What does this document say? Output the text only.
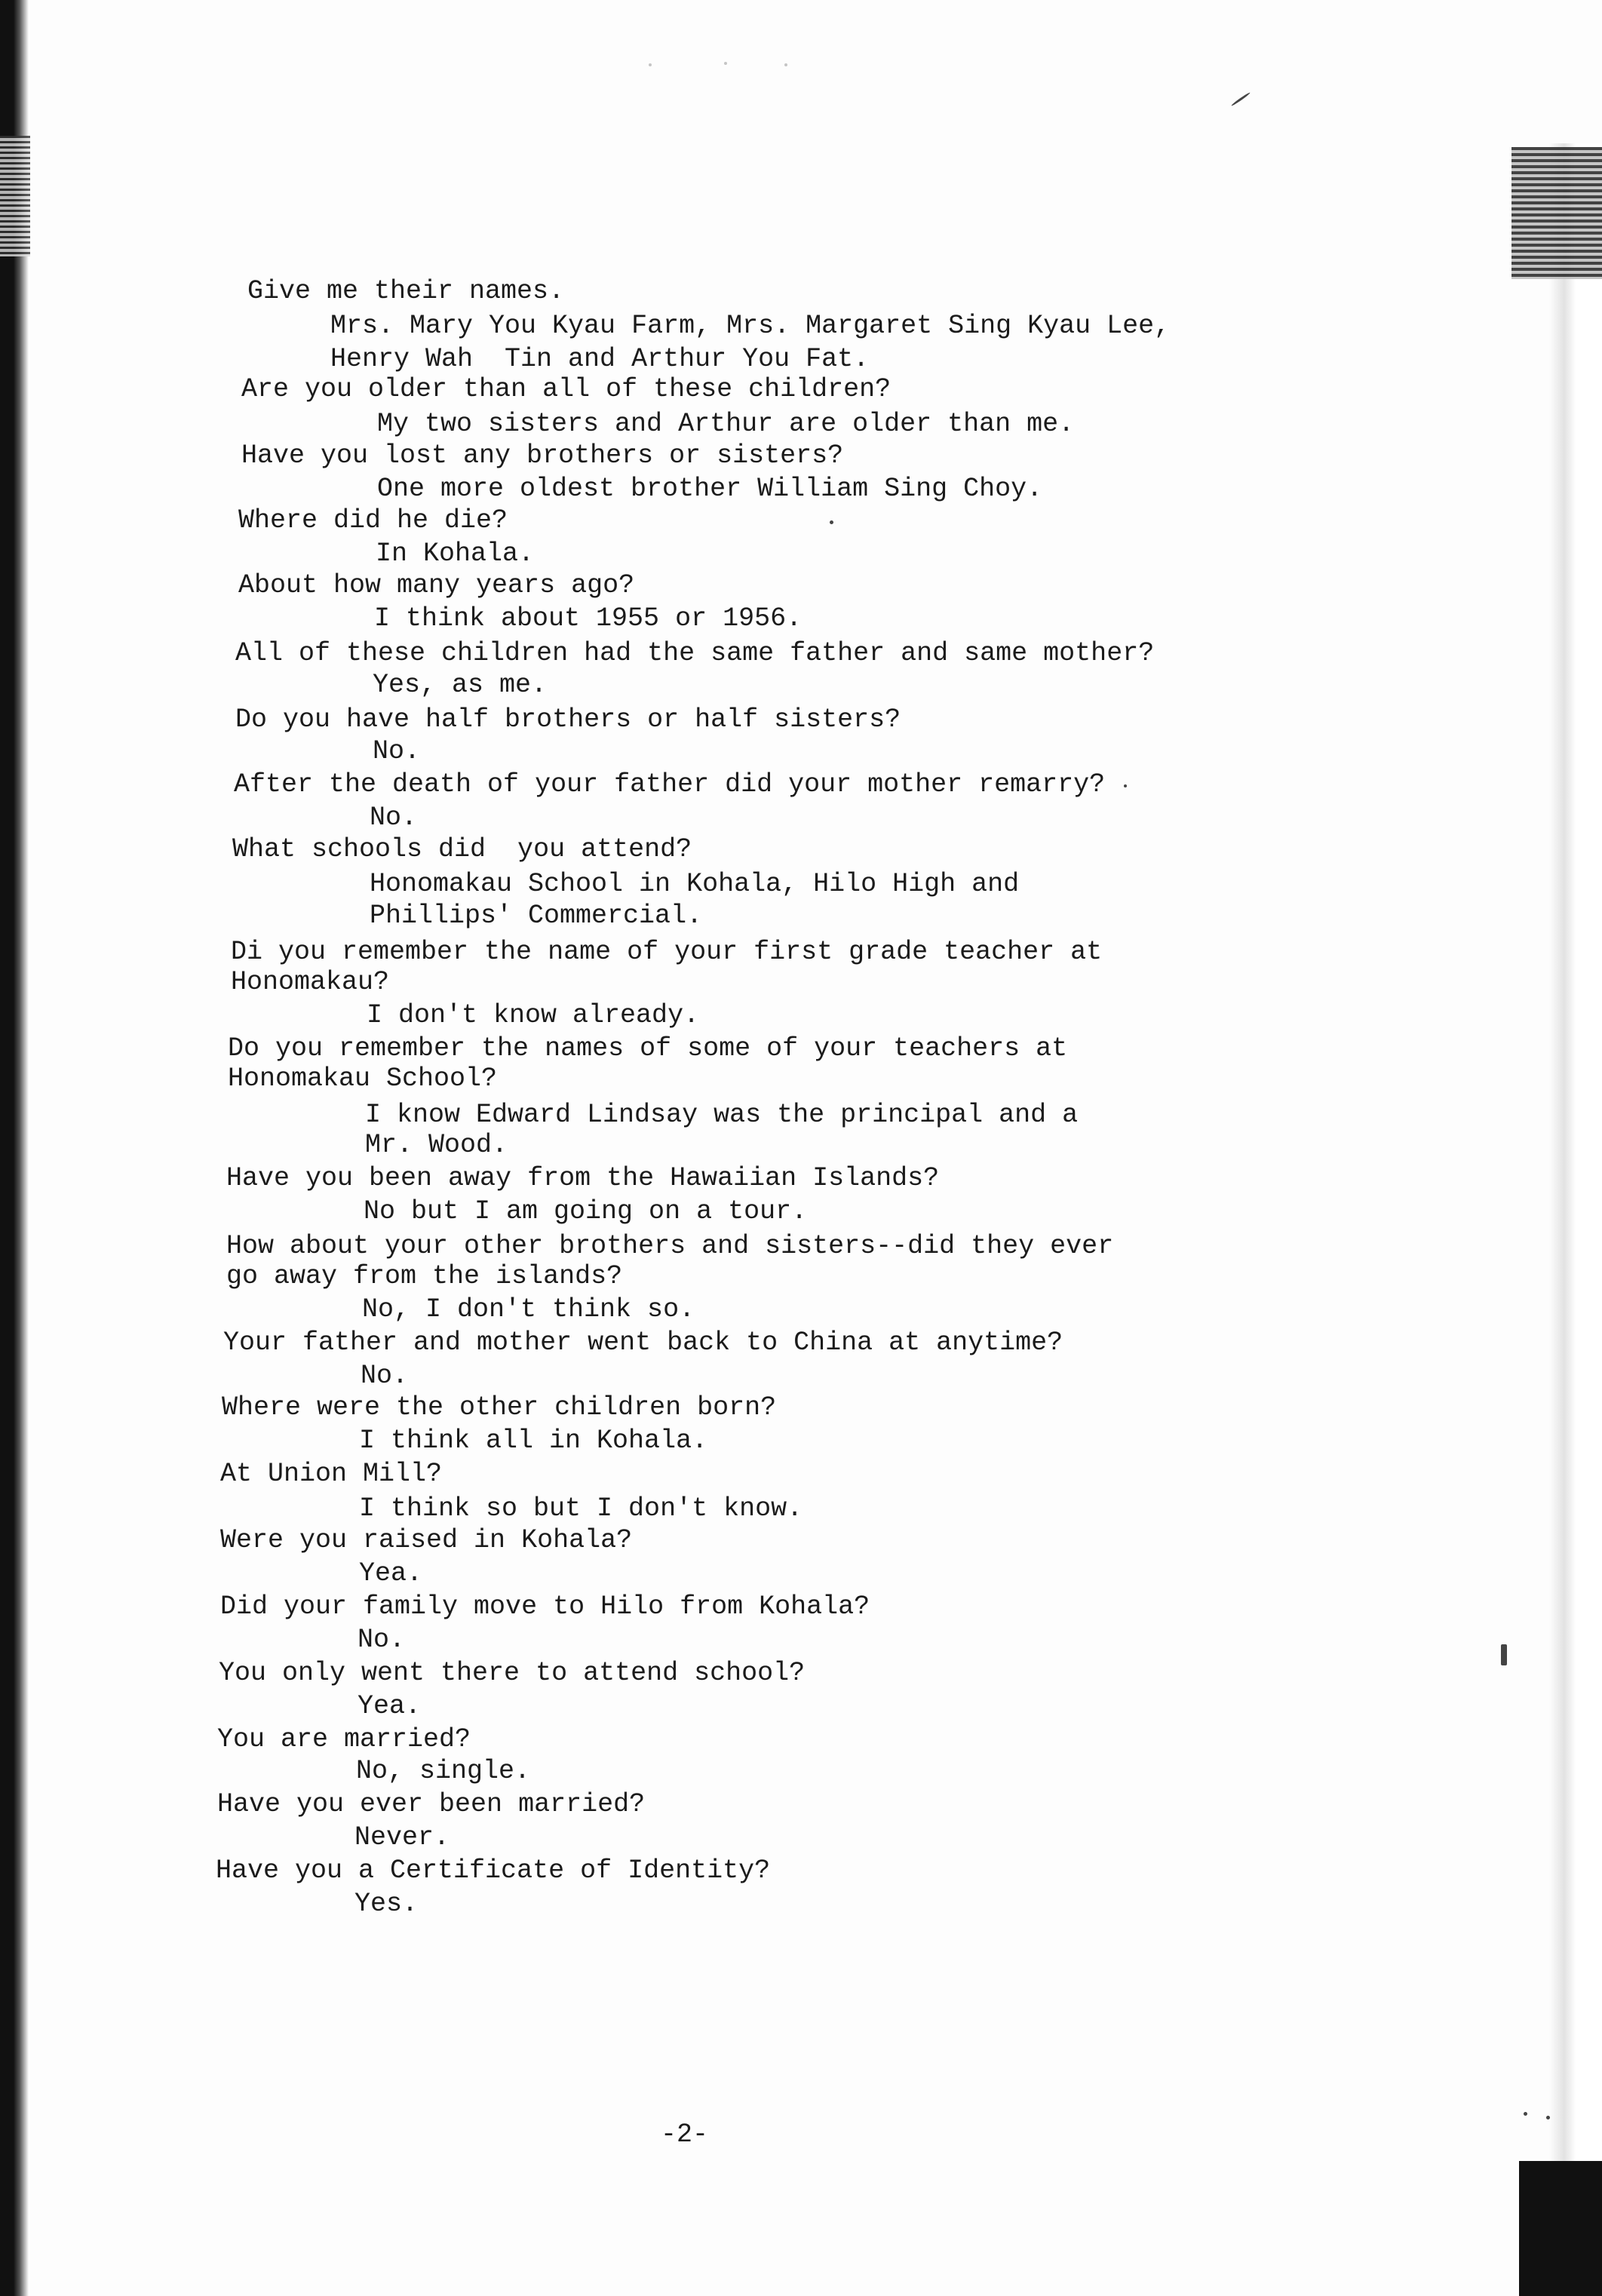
Give me their names.
Mrs. Mary You Kyau Farm, Mrs. Margaret Sing Kyau Lee,
Henry Wah  Tin and Arthur You Fat.
Are you older than all of these children?
My two sisters and Arthur are older than me.
Have you lost any brothers or sisters?
One more oldest brother William Sing Choy.
Where did he die?
In Kohala.
About how many years ago?
I think about 1955 or 1956.
All of these children had the same father and same mother?
Yes, as me.
Do you have half brothers or half sisters?
No.
After the death of your father did your mother remarry?
No.
What schools did  you attend?
Honomakau School in Kohala, Hilo High and
Phillips' Commercial.
Di you remember the name of your first grade teacher at
Honomakau?
I don't know already.
Do you remember the names of some of your teachers at
Honomakau School?
I know Edward Lindsay was the principal and a
Mr. Wood.
Have you been away from the Hawaiian Islands?
No but I am going on a tour.
How about your other brothers and sisters--did they ever
go away from the islands?
No, I don't think so.
Your father and mother went back to China at anytime?
No.
Where were the other children born?
I think all in Kohala.
At Union Mill?
I think so but I don't know.
Were you raised in Kohala?
Yea.
Did your family move to Hilo from Kohala?
No.
You only went there to attend school?
Yea.
You are married?
No, single.
Have you ever been married?
Never.
Have you a Certificate of Identity?
Yes.
-2-
